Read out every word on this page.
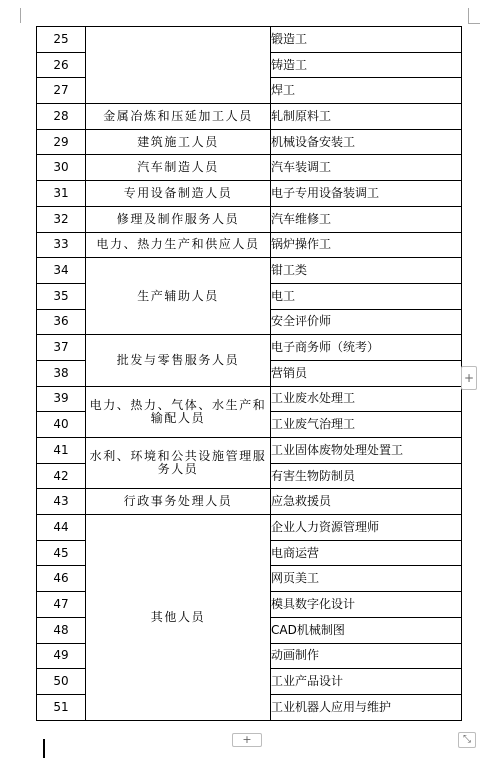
25		锻造工
26		铸造工
27		焊工
28	金属冶炼和压延加工人员	轧制原料工
29	建筑施工人员	机械设备安装工
30	汽车制造人员	汽车装调工
31	专用设备制造人员	电子专用设备装调工
32	修理及制作服务人员	汽车维修工
33	电力、热力生产和供应人员	锅炉操作工
34	生产辅助人员	钳工类
35		电工
36		安全评价师
37	批发与零售服务人员	电子商务师（统考）
38		营销员
39	电力、热力、气体、水生产和输配人员	工业废水处理工
40		工业废气治理工
41	水利、环境和公共设施管理服务人员	工业固体废物处理处置工
42		有害生物防制员
43	行政事务处理人员	应急救援员
44	其他人员	企业人力资源管理师
45		电商运营
46		网页美工
47		模具数字化设计
48		CAD机械制图
49		动画制作
50		工业产品设计
51		工业机器人应用与维护
+
+	⤡
